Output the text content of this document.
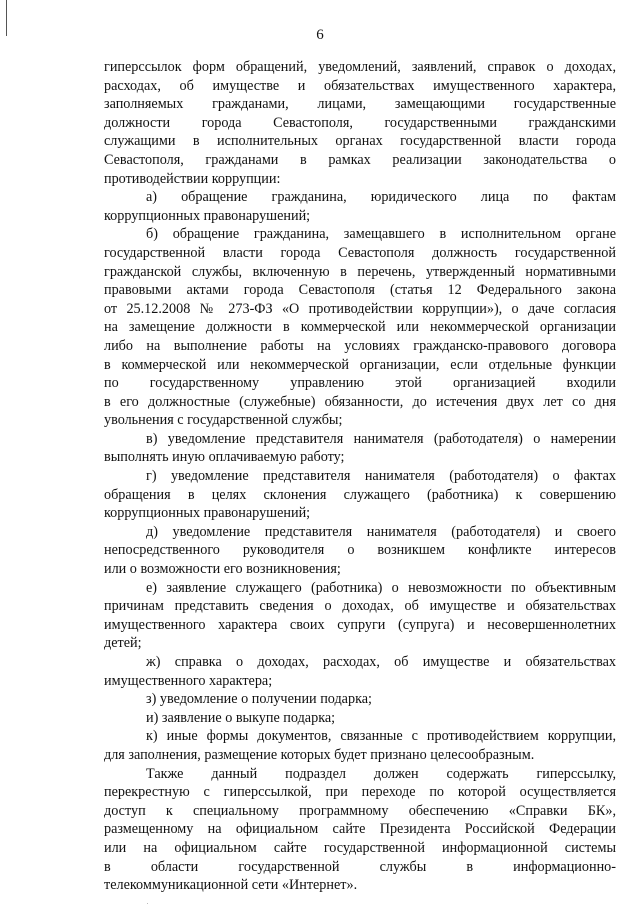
6
гиперссылок форм обращений, уведомлений, заявлений, справок о доходах,
расходах, об имуществе и обязательствах имущественного характера,
заполняемых гражданами, лицами, замещающими государственные
должности города Севастополя, государственными гражданскими
служащими в исполнительных органах государственной власти города
Севастополя, гражданами в рамках реализации законодательства о
противодействии коррупции:
а) обращение гражданина, юридического лица по фактам
коррупционных правонарушений;
б) обращение гражданина, замещавшего в исполнительном органе
государственной власти города Севастополя должность государственной
гражданской службы, включенную в перечень, утвержденный нормативными
правовыми актами города Севастополя (статья 12 Федерального закона
от 25.12.2008 № 273-ФЗ «О противодействии коррупции»), о даче согласия
на замещение должности в коммерческой или некоммерческой организации
либо на выполнение работы на условиях гражданско-правового договора
в коммерческой или некоммерческой организации, если отдельные функции
по государственному управлению этой организацией входили
в его должностные (служебные) обязанности, до истечения двух лет со дня
увольнения с государственной службы;
в) уведомление представителя нанимателя (работодателя) о намерении
выполнять иную оплачиваемую работу;
г) уведомление представителя нанимателя (работодателя) о фактах
обращения в целях склонения служащего (работника) к совершению
коррупционных правонарушений;
д) уведомление представителя нанимателя (работодателя) и своего
непосредственного руководителя о возникшем конфликте интересов
или о возможности его возникновения;
е) заявление служащего (работника) о невозможности по объективным
причинам представить сведения о доходах, об имуществе и обязательствах
имущественного характера своих супруги (супруга) и несовершеннолетних
детей;
ж) справка о доходах, расходах, об имуществе и обязательствах
имущественного характера;
з) уведомление о получении подарка;
и) заявление о выкупе подарка;
к) иные формы документов, связанные с противодействием коррупции,
для заполнения, размещение которых будет признано целесообразным.
Также данный подраздел должен содержать гиперссылку,
перекрестную с гиперссылкой, при переходе по которой осуществляется
доступ к специальному программному обеспечению «Справки БК»,
размещенному на официальном сайте Президента Российской Федерации
или на официальном сайте государственной информационной системы
в области государственной службы в информационно-
телекоммуникационной сети «Интернет».
